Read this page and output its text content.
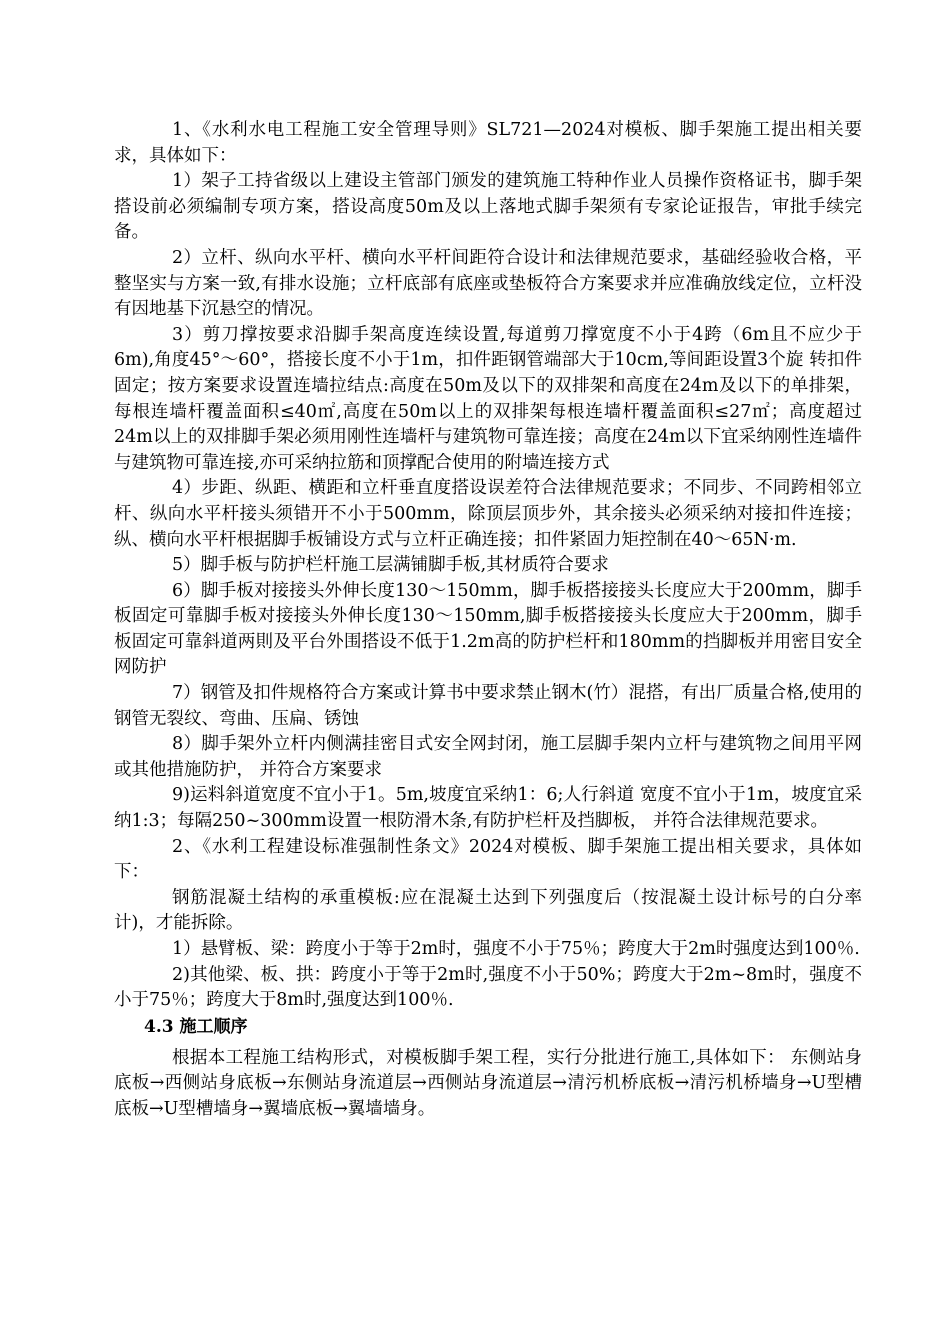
1、《水利水电工程施工安全管理导则》SL721—2024对模板、脚手架施工提出相关要求，具体如下：

1）架子工持省级以上建设主管部门颁发的建筑施工特种作业人员操作资格证书，脚手架搭设前必须编制专项方案，搭设高度50m及以上落地式脚手架须有专家论证报告，审批手续完备。

2）立杆、纵向水平杆、横向水平杆间距符合设计和法律规范要求，基础经验收合格，平整坚实与方案一致,有排水设施；立杆底部有底座或垫板符合方案要求并应准确放线定位，立杆没有因地基下沉悬空的情况。

3）剪刀撑按要求沿脚手架高度连续设置,每道剪刀撑宽度不小于4跨（6m且不应少于6m),角度45°～60°，搭接长度不小于1m，扣件距钢管端部大于10cm,等间距设置3个旋 转扣件固定；按方案要求设置连墙拉结点:高度在50m及以下的双排架和高度在24m及以下的单排架，每根连墙杆覆盖面积≤40㎡,高度在50m以上的双排架每根连墙杆覆盖面积≤27㎡；高度超过24m以上的双排脚手架必须用刚性连墙杆与建筑物可靠连接；高度在24m以下宜采纳刚性连墙件与建筑物可靠连接,亦可采纳拉筋和顶撑配合使用的附墙连接方式

4）步距、纵距、横距和立杆垂直度搭设误差符合法律规范要求；不同步、不同跨相邻立杆、纵向水平杆接头须错开不小于500mm，除顶层顶步外，其余接头必须采纳对接扣件连接；纵、横向水平杆根据脚手板铺设方式与立杆正确连接；扣件紧固力矩控制在40～65N·m.

5）脚手板与防护栏杆施工层满铺脚手板,其材质符合要求

6）脚手板对接接头外伸长度130～150mm，脚手板搭接接头长度应大于200mm，脚手板固定可靠脚手板对接接头外伸长度130～150mm,脚手板搭接接头长度应大于200mm，脚手板固定可靠斜道两則及平台外围搭设不低于1.2m高的防护栏杆和180mm的挡脚板并用密目安全网防护

7）钢管及扣件规格符合方案或计算书中要求禁止钢木(竹）混搭，有出厂质量合格,使用的钢管无裂纹、弯曲、压扁、锈蚀

8）脚手架外立杆内侧满挂密目式安全网封闭，施工层脚手架内立杆与建筑物之间用平网或其他措施防护， 并符合方案要求

9)运料斜道宽度不宜小于1。5m,坡度宜采纳1：6;人行斜道 宽度不宜小于1m，坡度宜采纳1:3；每隔250~300mm设置一根防滑木条,有防护栏杆及挡脚板， 并符合法律规范要求。

2、《水利工程建设标准强制性条文》2024对模板、脚手架施工提出相关要求，具体如下：

钢筋混凝土结构的承重模板:应在混凝土达到下列强度后（按混凝土设计标号的白分率计)，才能拆除。

1）悬臂板、梁：跨度小于等于2m时，强度不小于75％；跨度大于2m时强度达到100％.

2)其他梁、板、拱：跨度小于等于2m时,强度不小于50%；跨度大于2m~8m时，强度不小于75％；跨度大于8m时,强度达到100％.

4.3 施工顺序

根据本工程施工结构形式，对模板脚手架工程，实行分批进行施工,具体如下： 东侧站身底板→西侧站身底板→东侧站身流道层→西侧站身流道层→清污机桥底板→清污机桥墙身→U型槽底板→U型槽墙身→翼墙底板→翼墙墙身。
